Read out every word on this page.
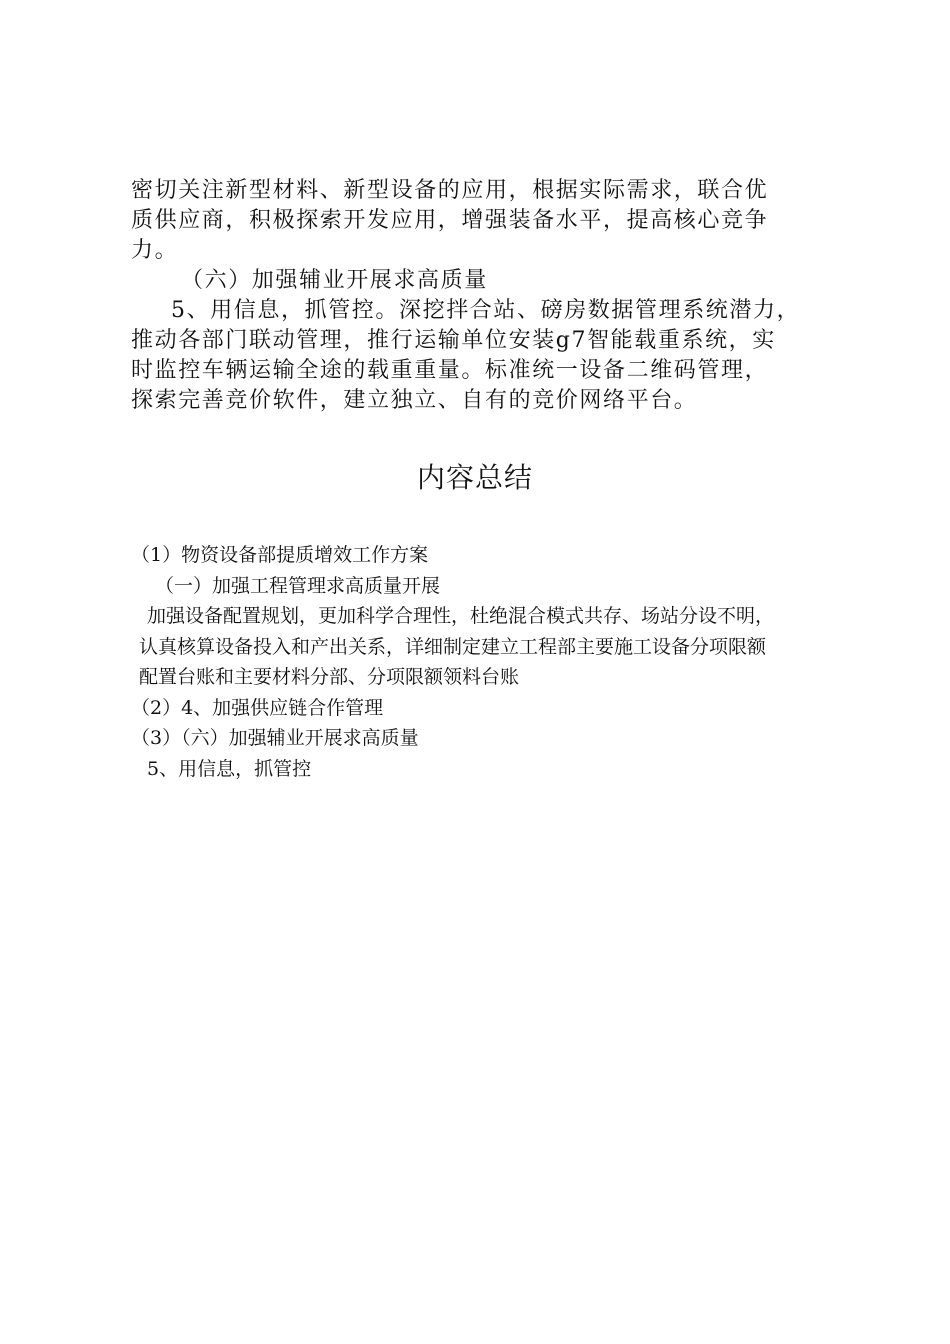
密切关注新型材料、新型设备的应用，根据实际需求，联合优
质供应商，积极探索开发应用，增强装备水平，提高核心竞争
力。
（六）加强辅业开展求高质量
5、用信息，抓管控。深挖拌合站、磅房数据管理系统潜力，
推动各部门联动管理，推行运输单位安装g7智能载重系统，实
时监控车辆运输全途的载重重量。标准统一设备二维码管理，
探索完善竞价软件，建立独立、自有的竞价网络平台。
内容总结
（1）物资设备部提质增效工作方案
（一）加强工程管理求高质量开展
加强设备配置规划，更加科学合理性，杜绝混合模式共存、场站分设不明，
认真核算设备投入和产出关系，详细制定建立工程部主要施工设备分项限额
配置台账和主要材料分部、分项限额领料台账
（2）4、加强供应链合作管理
（3）（六）加强辅业开展求高质量
5、用信息，抓管控
